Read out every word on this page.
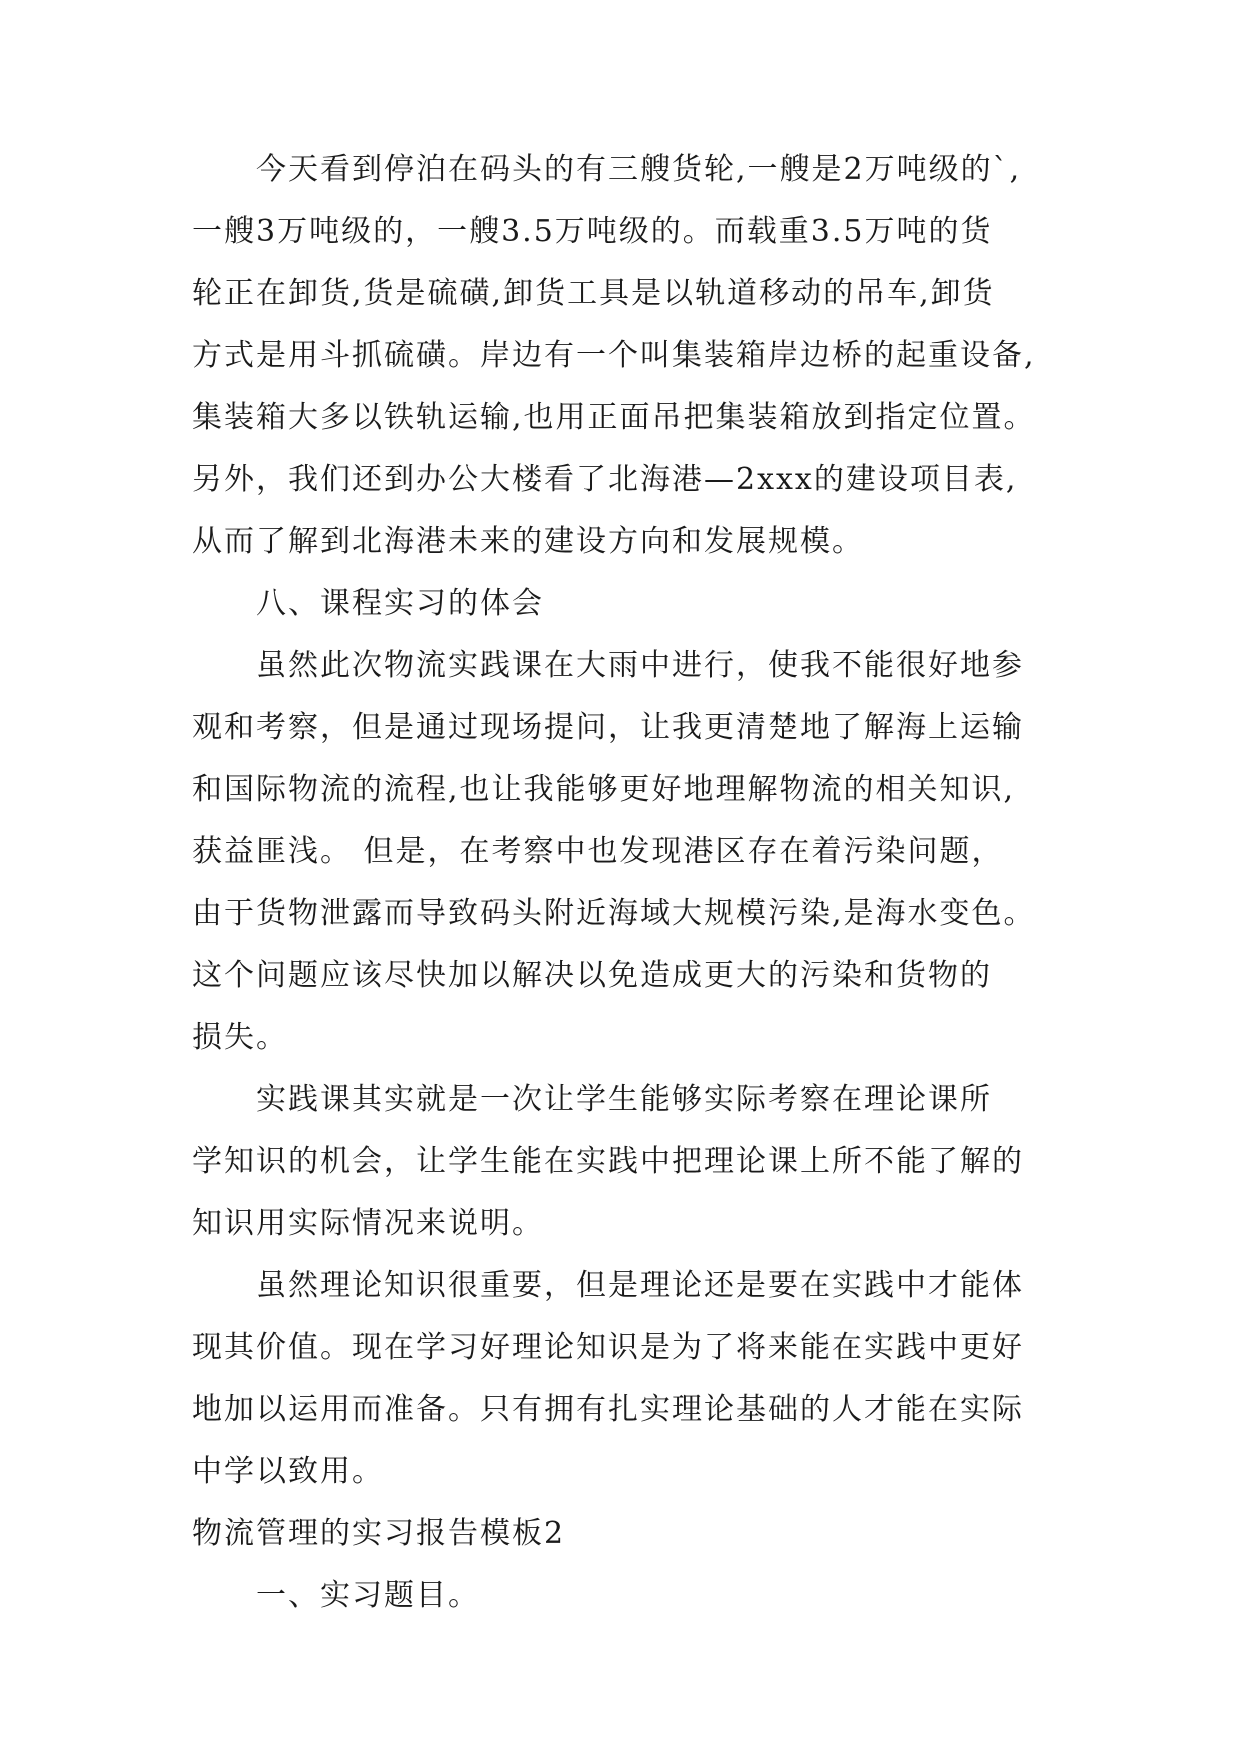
今天看到停泊在码头的有三艘货轮,一艘是2万吨级的`,
一艘3万吨级的，一艘3.5万吨级的。而载重3.5万吨的货
轮正在卸货,货是硫磺,卸货工具是以轨道移动的吊车,卸货
方式是用斗抓硫磺。岸边有一个叫集装箱岸边桥的起重设备,
集装箱大多以铁轨运输,也用正面吊把集装箱放到指定位置。
另外，我们还到办公大楼看了北海港—2xxx的建设项目表,
从而了解到北海港未来的建设方向和发展规模。
八、课程实习的体会
虽然此次物流实践课在大雨中进行，使我不能很好地参
观和考察，但是通过现场提问，让我更清楚地了解海上运输
和国际物流的流程,也让我能够更好地理解物流的相关知识,
获益匪浅。 但是，在考察中也发现港区存在着污染问题，
由于货物泄露而导致码头附近海域大规模污染,是海水变色。
这个问题应该尽快加以解决以免造成更大的污染和货物的
损失。
实践课其实就是一次让学生能够实际考察在理论课所
学知识的机会，让学生能在实践中把理论课上所不能了解的
知识用实际情况来说明。
虽然理论知识很重要，但是理论还是要在实践中才能体
现其价值。现在学习好理论知识是为了将来能在实践中更好
地加以运用而准备。只有拥有扎实理论基础的人才能在实际
中学以致用。
物流管理的实习报告模板2
一、实习题目。
